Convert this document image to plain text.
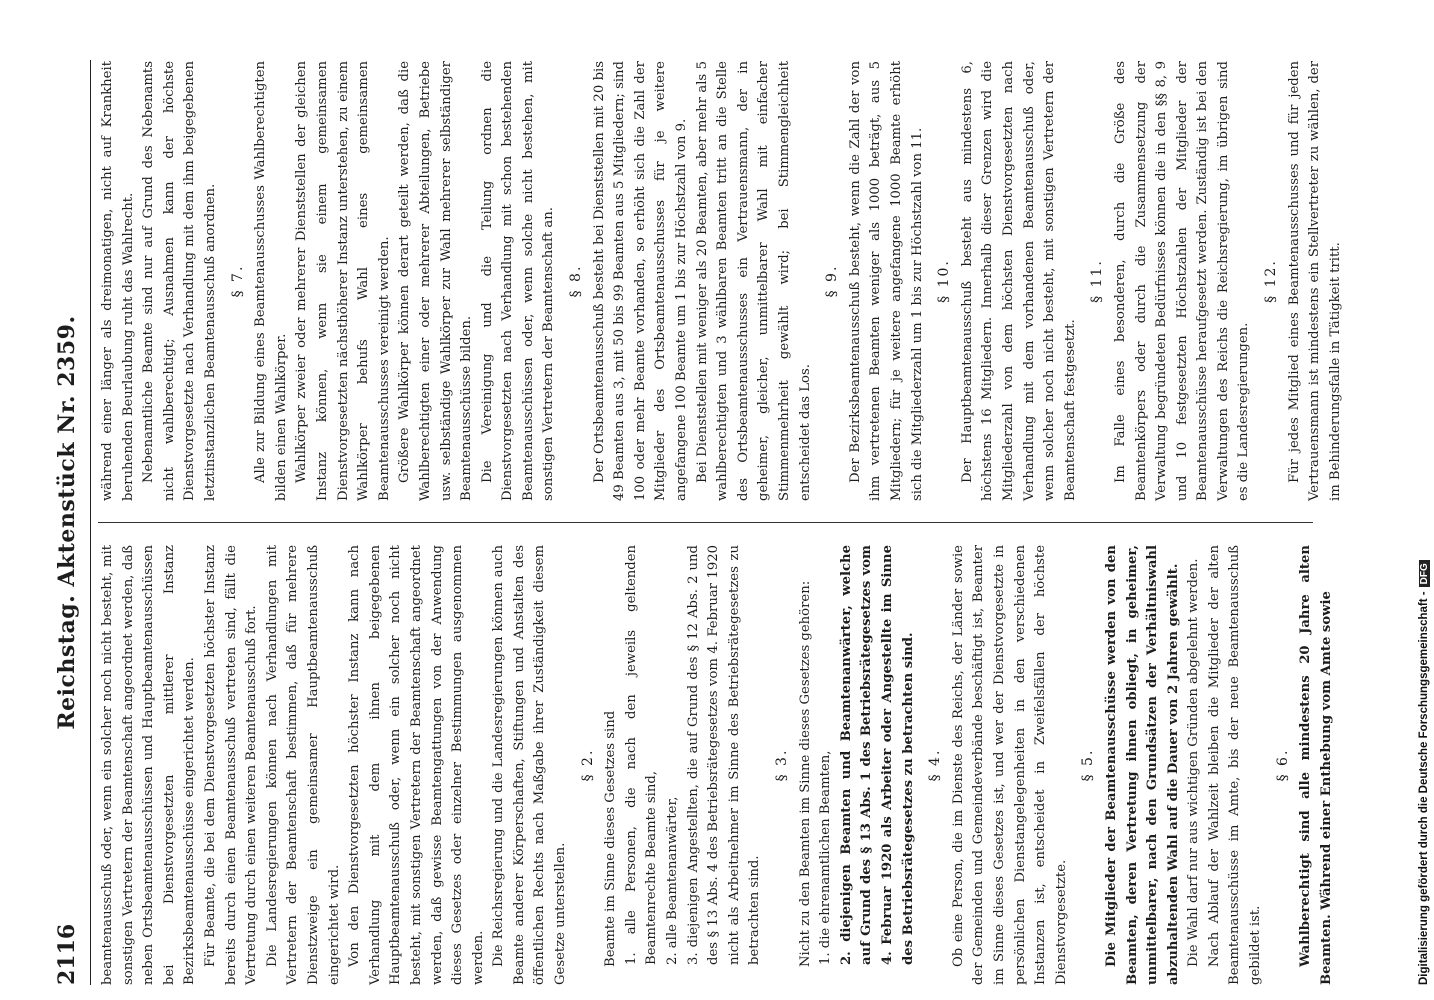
2116
Reichstag. Aktenstück Nr. 2359.

beamtenausschuß oder, wenn ein solcher noch nicht besteht, mit sonstigen Vertretern der Beamtenschaft angeordnet werden, daß neben Ortsbeamtenausschüssen und Hauptbeamtenausschüssen bei Dienstvorgesetzten mittlerer Instanz Bezirksbeamtenausschüsse eingerichtet werden. Für Beamte, die bei dem Dienstvorgesetzten höchster Instanz bereits durch einen Beamtenausschuß vertreten sind, fällt die Vertretung durch einen weiteren Beamtenausschuß fort. Die Landesregierungen können nach Verhandlungen mit Vertretern der Beamtenschaft bestimmen, daß für mehrere Dienstzweige ein gemeinsamer Hauptbeamtenausschuß eingerichtet wird. Von den Dienstvorgesetzten höchster Instanz kann nach Verhandlung mit dem ihnen beigegebenen Hauptbeamtenausschuß oder, wenn ein solcher noch nicht besteht, mit sonstigen Vertretern der Beamtenschaft angeordnet werden, daß gewisse Beamtengattungen von der Anwendung dieses Gesetzes oder einzelner Bestimmungen ausgenommen werden. Die Reichsregierung und die Landesregierungen können auch Beamte anderer Körperschaften, Stiftungen und Anstalten des öffentlichen Rechts nach Maßgabe ihrer Zuständigkeit diesem Gesetze unterstellen.

§ 2. Beamte im Sinne dieses Gesetzes sind 1. alle Personen, die nach den jeweils geltenden Beamtenrechte Beamte sind, 2. alle Beamtenanwärter, 3. diejenigen Angestellten, die auf Grund des § 12 Abs. 2 und des § 13 Abs. 4 des Betriebsrätegesetzes vom 4. Februar 1920 nicht als Arbeitnehmer im Sinne des Betriebsrätegesetzes zu betrachten sind.
§ 3. Nicht zu den Beamten im Sinne dieses Gesetzes gehören: 1. die ehrenamtlichen Beamten, 2. diejenigen Beamten und Beamtenanwärter, welche auf Grund des § 13 Abs. 1 des Betriebsrätegesetzes vom 4. Februar 1920 als Arbeiter oder Angestellte im Sinne des Betriebsrätegesetzes zu betrachten sind. § 4. Ob eine Person, die im Dienste des Reichs, der Länder sowie der Gemeinden und Gemeindeverbände beschäftigt ist, Beamter im Sinne dieses Gesetzes ist, und wer der Dienstvorgesetzte in persönlichen Dienstangelegenheiten in den verschiedenen Instanzen ist, entscheidet in Zweifelsfällen der höchste Dienstvorgesetzte.

§ 5. Die Mitglieder der Beamtenausschüsse werden von den Beamten, deren Vertretung ihnen obliegt, in geheimer, unmittelbarer, nach den Grundsätzen der Verhältniswahl abzuhaltenden Wahl auf die Dauer von 2 Jahren gewählt. Die Wahl darf nur aus wichtigen Gründen abgelehnt werden. Nach Ablauf der Wahlzeit bleiben die Mitglieder der alten Beamtenausschüsse im Amte, bis der neue Beamtenausschuß gebildet ist.

§ 6. Wahlberechtigt sind alle mindestens 20 Jahre alten Beamten. Während einer Enthebung vom Amte sowie

während einer länger als dreimonatigen, nicht auf Krankheit beruhenden Beurlaubung ruht das Wahlrecht. Nebenamtliche Beamte sind nur auf Grund des Nebenamts nicht wahlberechtigt; Ausnahmen kann der höchste Dienstvorgesetzte nach Verhandlung mit dem ihm beigegebenen letztinstanzlichen Beamtenausschuß anordnen. § 7. Alle zur Bildung eines Beamtenausschusses Wahlberechtigten bilden einen Wahlkörper. Wahlkörper zweier oder mehrerer Dienststellen der gleichen Instanz können, wenn sie einem gemeinsamen Dienstvorgesetzten nächsthöherer Instanz unterstehen, zu einem Wahlkörper behufs Wahl eines gemeinsamen Beamtenausschusses vereinigt werden. Größere Wahlkörper können derart geteilt werden, daß die Wahlberechtigten einer oder mehrerer Abteilungen, Betriebe usw. selbständige Wahlkörper zur Wahl mehrerer selbständiger Beamtenausschüsse bilden. Die Vereinigung und die Teilung ordnen die Dienstvorgesetzten nach Verhandlung mit schon bestehenden Beamtenausschüssen oder, wenn solche nicht bestehen, mit sonstigen Vertretern der Beamtenschaft an. § 8. Der Ortsbeamtenausschuß besteht bei Dienststellen mit 20 bis 49 Beamten aus 3, mit 50 bis 99 Beamten aus 5 Mitgliedern; sind 100 oder mehr Beamte vorhanden, so erhöht sich die Zahl der Mitglieder des Ortsbeamtenausschusses für je weitere angefangene 100 Beamte um 1 bis zur Höchstzahl von 9. Bei Dienststellen mit weniger als 20 Beamten, aber mehr als 5 wahlberechtigten und 3 wählbaren Beamten tritt an die Stelle des Ortsbeamtenausschusses ein Vertrauensmann, der in geheimer, gleicher, unmittelbarer Wahl mit einfacher Stimmenmehrheit gewählt wird; bei Stimmengleichheit entscheidet das Los.

§ 9. Der Bezirksbeamtenausschuß besteht, wenn die Zahl der von ihm vertretenen Beamten weniger als 1000 beträgt, aus 5 Mitgliedern; für je weitere angefangene 1000 Beamte erhöht sich die Mitgliederzahl um 1 bis zur Höchstzahl von 11. § 10. Der Hauptbeamtenausschuß besteht aus mindestens 6, höchstens 16 Mitgliedern. Innerhalb dieser Grenzen wird die Mitgliederzahl von dem höchsten Dienstvorgesetzten nach Verhandlung mit dem vorhandenen Beamtenausschuß oder, wenn solcher noch nicht besteht, mit sonstigen Vertretern der Beamtenschaft festgesetzt.

§ 11. Im Falle eines besonderen, durch die Größe des Beamtenkörpers oder durch die Zusammensetzung der Verwaltung begründeten Bedürfnisses können die in den §§ 8, 9 und 10 festgesetzten Höchstzahlen der Mitglieder der Beamtenausschüsse heraufgesetzt werden. Zuständig ist bei den Verwaltungen des Reichs die Reichsregierung, im übrigen sind es die Landesregierungen.

§ 12. Für jedes Mitglied eines Beamtenausschusses und für jeden Vertrauensmann ist mindestens ein Stellvertreter zu wählen, der im Behinderungsfalle in Tätigkeit tritt.

Digitalisierung gefördert durch die Deutsche Forschungsgemeinschaft -DFG
